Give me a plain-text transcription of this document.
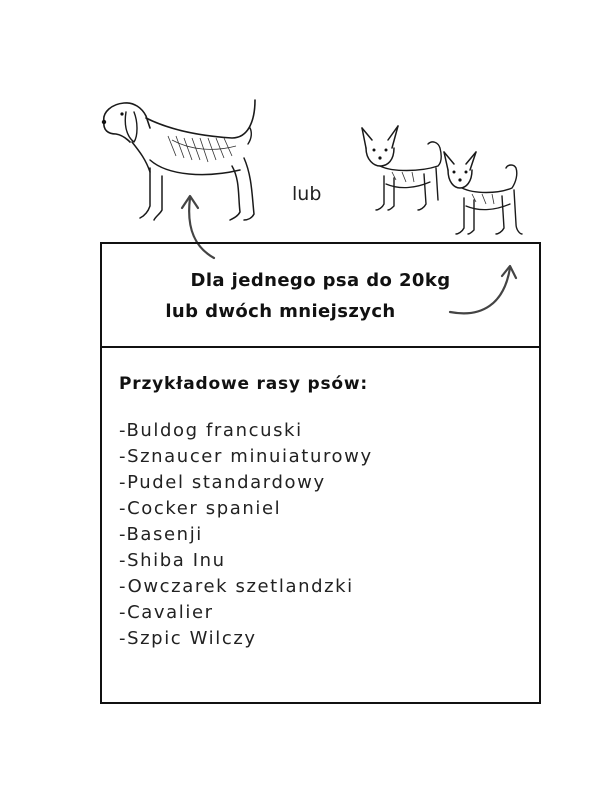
lub
Dla jednego psa do 20kg
lub dwóch mniejszych
Przykładowe rasy psów:
-Buldog francuski
-Sznaucer minuiaturowy
-Pudel standardowy
-Cocker spaniel
-Basenji
-Shiba Inu
-Owczarek szetlandzki
-Cavalier
-Szpic Wilczy
